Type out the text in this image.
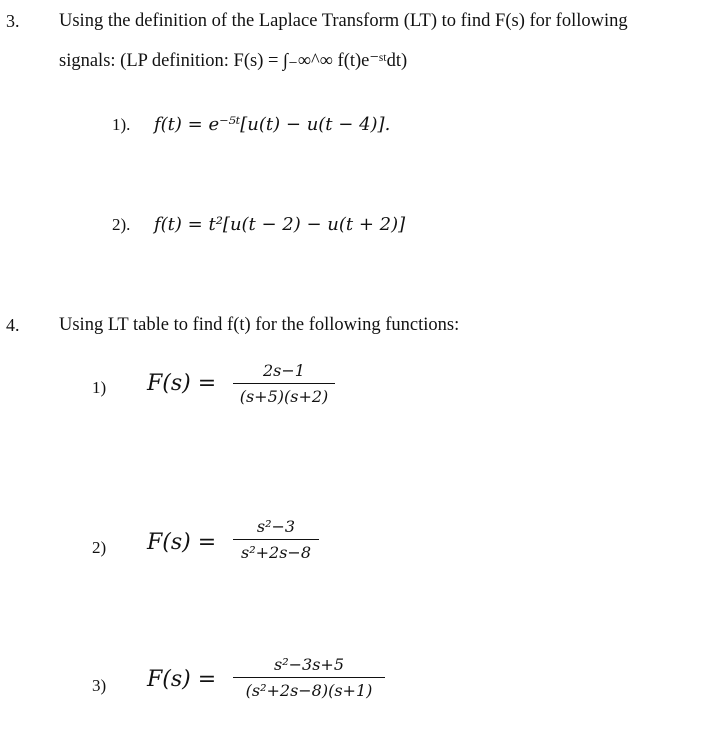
3. Using the definition of the Laplace Transform (LT) to find F(s) for following
signals: (LP definition: F(s) = ∫₋∞^∞ f(t)e⁻ˢᵗdt)
1). f(t) = e⁻⁵ᵗ[u(t) − u(t − 4)].
2). f(t) = t²[u(t − 2) − u(t + 2)]
4. Using LT table to find f(t) for the following functions:
1) F(s) =
2s−1
(s+5)(s+2)
2) F(s) =
s²−3
s²+2s−8
3) F(s) =
s²−3s+5
(s²+2s−8)(s+1)
